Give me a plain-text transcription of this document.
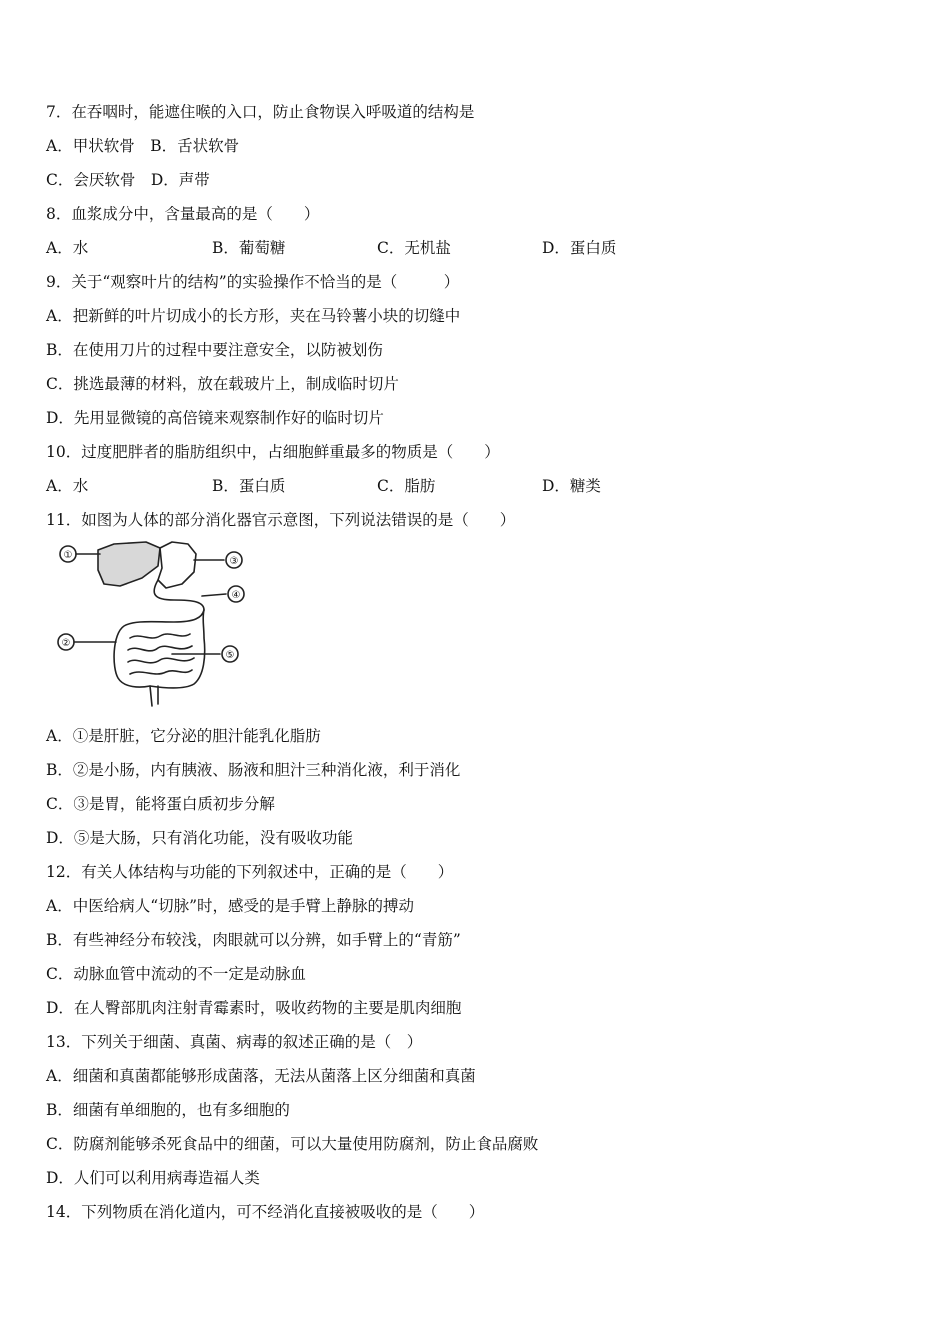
7．在吞咽时，能遮住喉的入口，防止食物误入呼吸道的结构是
A．甲状软骨　B．舌状软骨
C．会厌软骨　D．声带
8．血浆成分中，含量最高的是（　　）
A．水	B．葡萄糖	C．无机盐	D．蛋白质
9．关于“观察叶片的结构”的实验操作不恰当的是（　　　）
A．把新鲜的叶片切成小的长方形，夹在马铃薯小块的切缝中
B．在使用刀片的过程中要注意安全，以防被划伤
C．挑选最薄的材料，放在载玻片上，制成临时切片
D．先用显微镜的高倍镜来观察制作好的临时切片
10．过度肥胖者的脂肪组织中，占细胞鲜重最多的物质是（　　）
A．水	B．蛋白质	C．脂肪	D．糖类
11．如图为人体的部分消化器官示意图，下列说法错误的是（　　）
①
②
③
④
⑤
A．①是肝脏，它分泌的胆汁能乳化脂肪
B．②是小肠，内有胰液、肠液和胆汁三种消化液，利于消化
C．③是胃，能将蛋白质初步分解
D．⑤是大肠，只有消化功能，没有吸收功能
12．有关人体结构与功能的下列叙述中，正确的是（　　）
A．中医给病人“切脉”时，感受的是手臂上静脉的搏动
B．有些神经分布较浅，肉眼就可以分辨，如手臂上的“青筋”
C．动脉血管中流动的不一定是动脉血
D．在人臀部肌肉注射青霉素时，吸收药物的主要是肌肉细胞
13．下列关于细菌、真菌、病毒的叙述正确的是（　）
A．细菌和真菌都能够形成菌落，无法从菌落上区分细菌和真菌
B．细菌有单细胞的，也有多细胞的
C．防腐剂能够杀死食品中的细菌，可以大量使用防腐剂，防止食品腐败
D．人们可以利用病毒造福人类
14．下列物质在消化道内，可不经消化直接被吸收的是（　　）
